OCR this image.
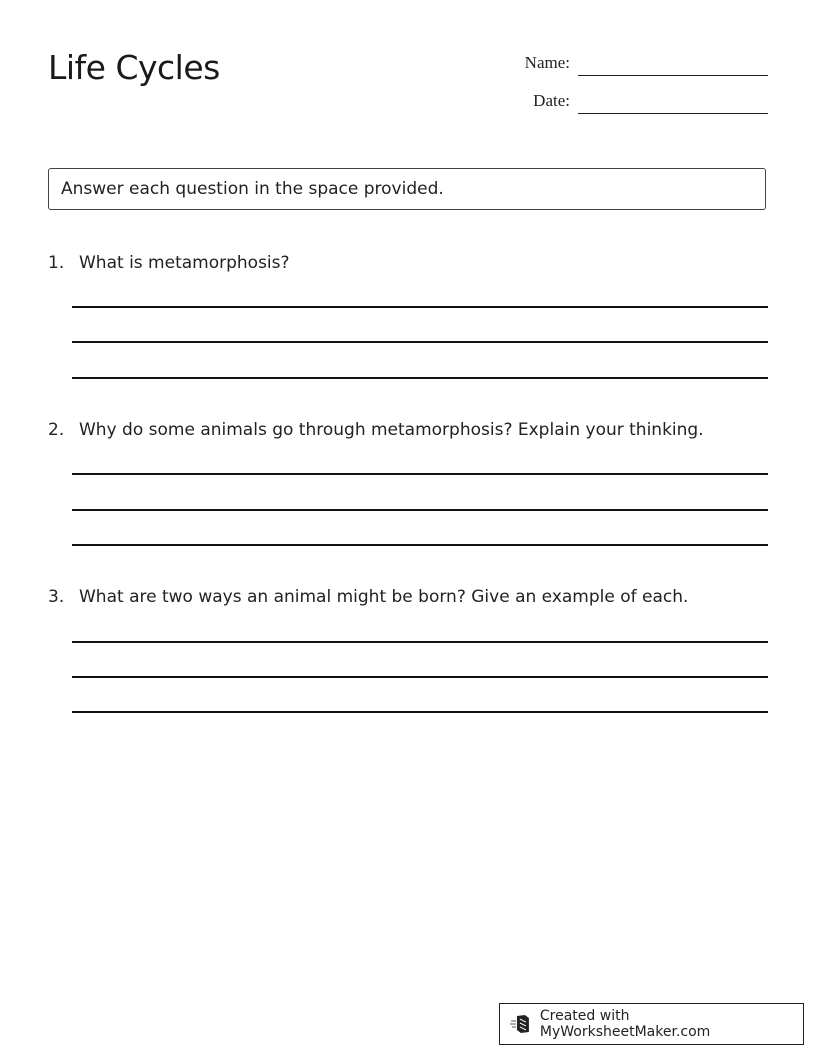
Life Cycles	Name:
Date:
Answer each question in the space provided.
1. What is metamorphosis?
2. Why do some animals go through metamorphosis? Explain your thinking.
3. What are two ways an animal might be born? Give an example of each.
Created with MyWorksheetMaker.com
